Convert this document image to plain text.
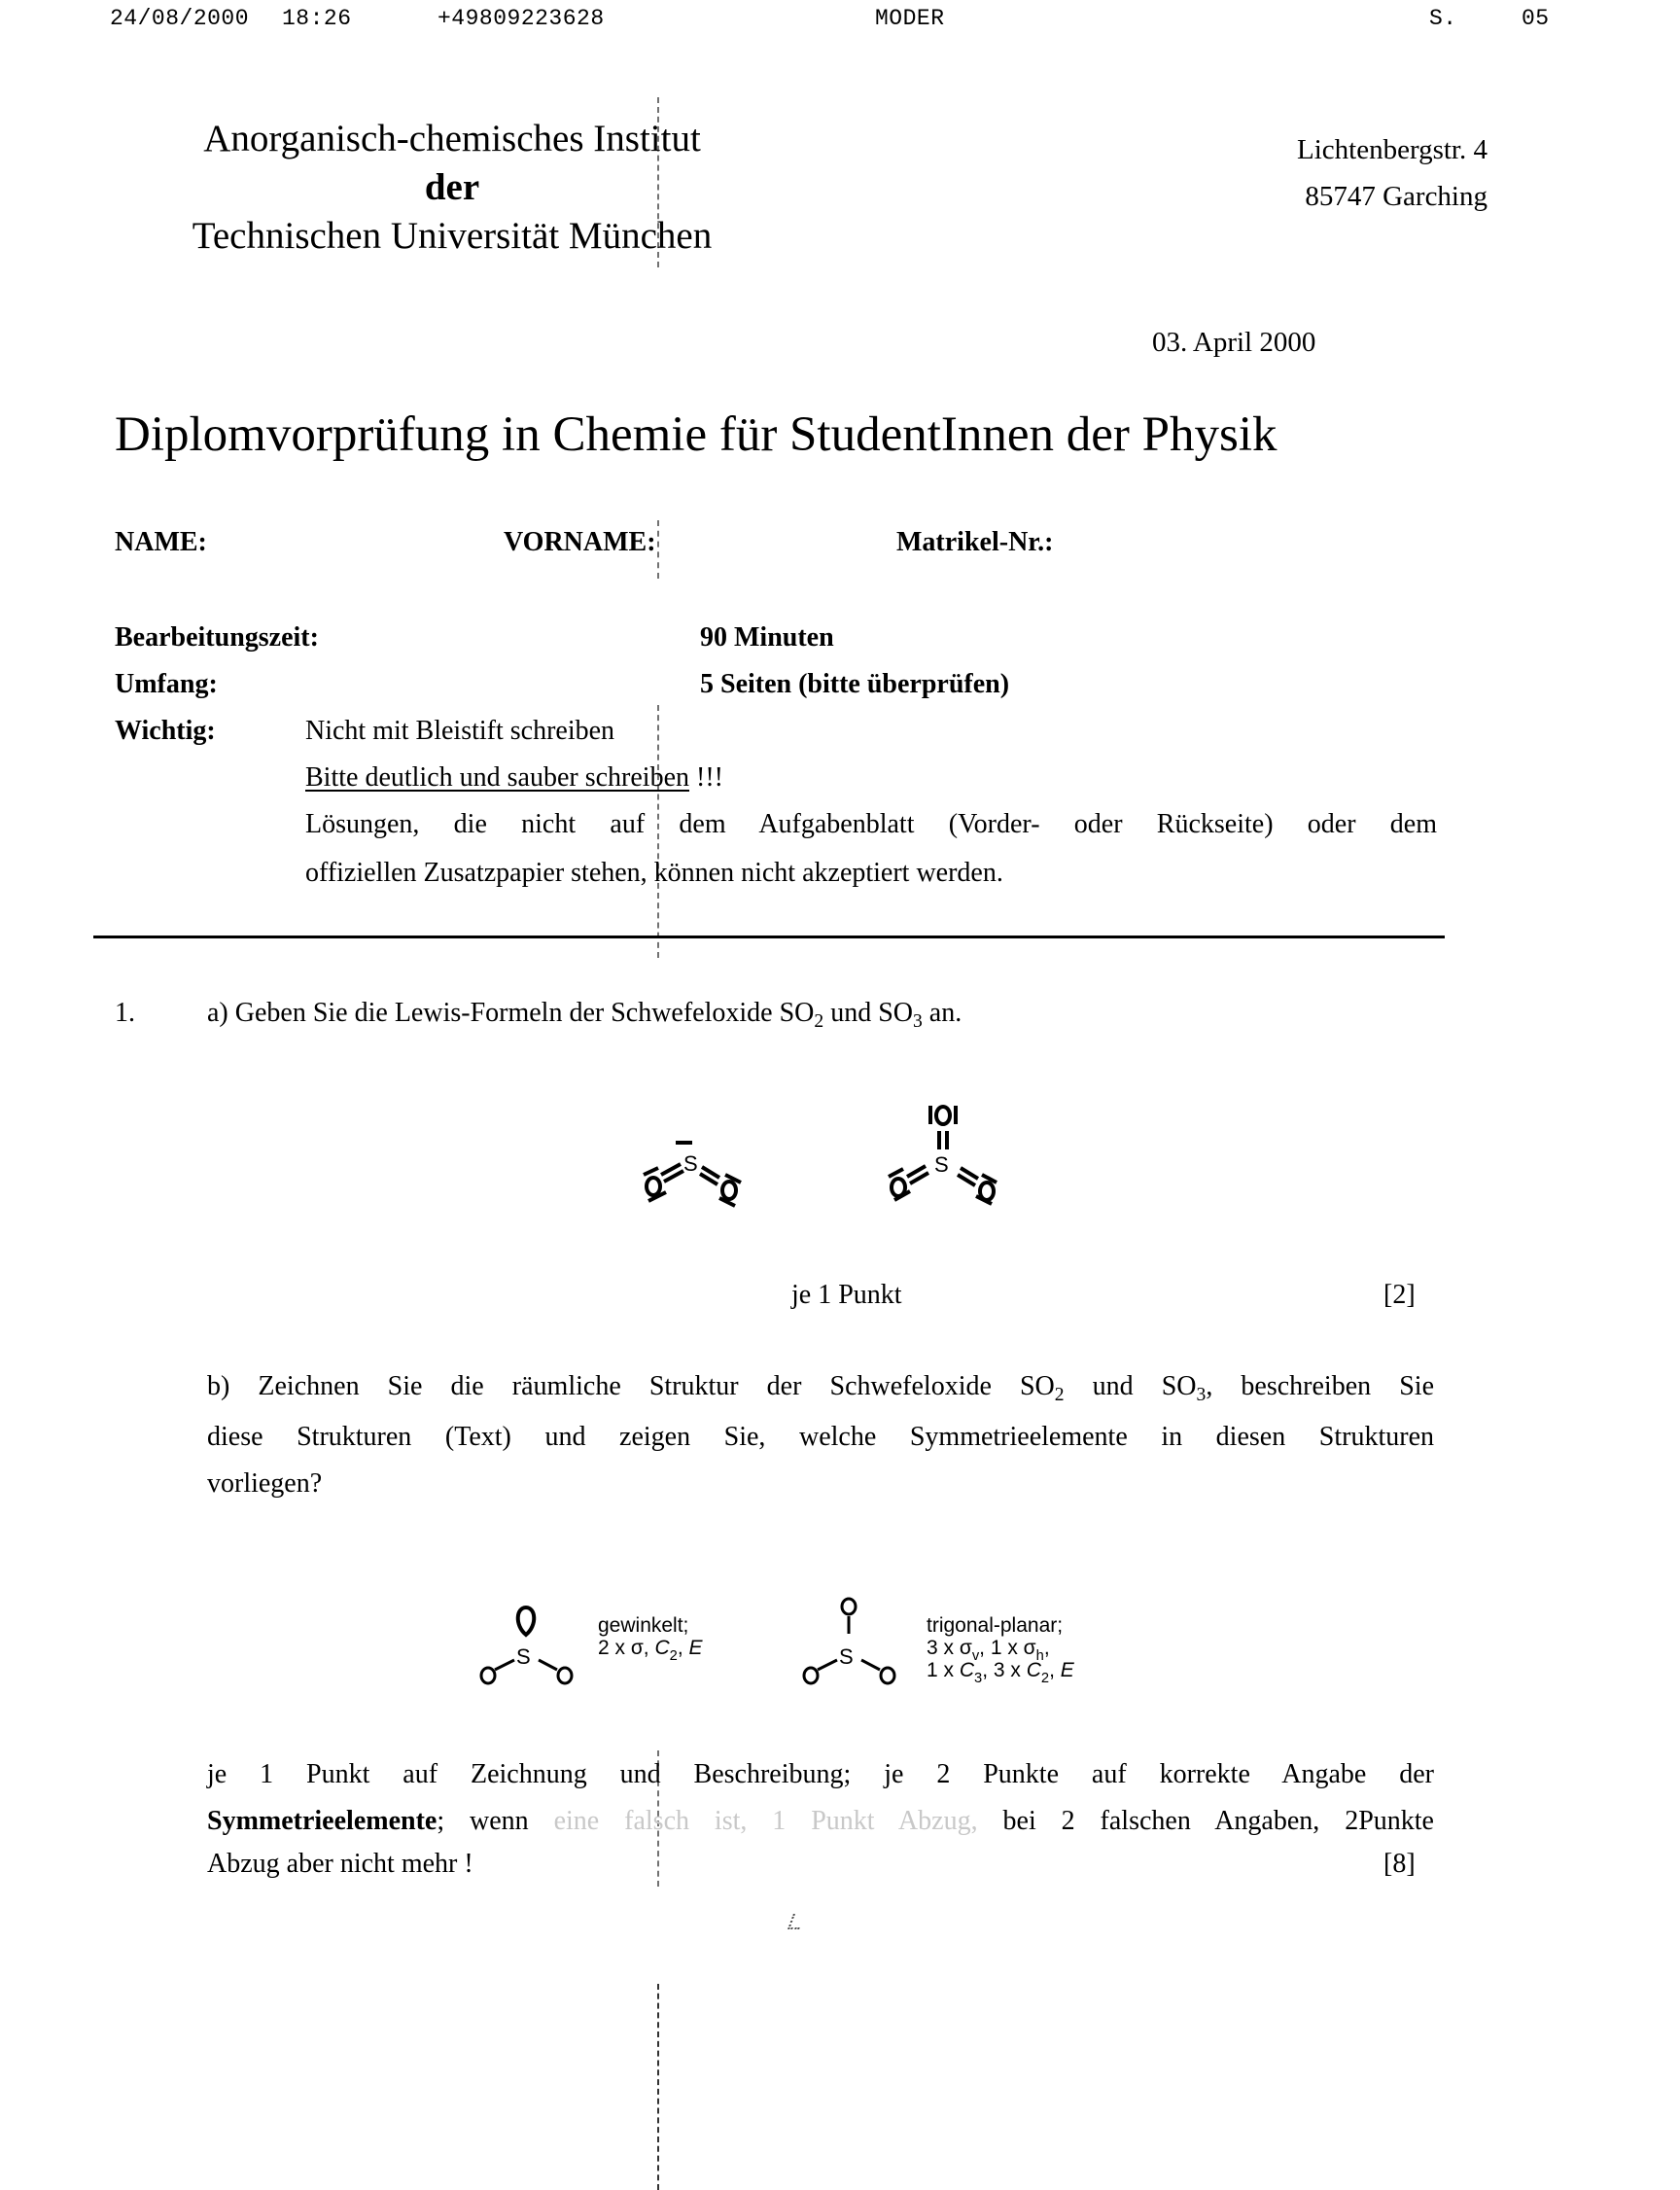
24/08/2000 18:26	+49809223628	MODER	S.	05
Anorganisch-chemisches Institut
der
Technischen Universität München
Lichtenbergstr. 4
85747 Garching
03. April 2000
Diplomvorprüfung in Chemie für StudentInnen der Physik
NAME:	VORNAME:	Matrikel-Nr.:
Bearbeitungszeit:	90 Minuten
Umfang:	5 Seiten (bitte überprüfen)
Wichtig:	Nicht mit Bleistift schreiben
Bitte deutlich und sauber schreiben !!!
Lösungen, die nicht auf dem Aufgabenblatt (Vorder- oder Rückseite) oder dem
offiziellen Zusatzpapier stehen, können nicht akzeptiert werden.
1.	a) Geben Sie die Lewis-Formeln der Schwefeloxide $SO_2$ und $SO_3$ an.
S	S
je 1 Punkt	[2]
b) Zeichnen Sie die räumliche Struktur der Schwefeloxide $SO_2$ und $SO_3$, beschreiben Sie
diese Strukturen (Text) und zeigen Sie, welche Symmetrieelemente in diesen Strukturen
vorliegen?
S
gewinkelt;
2 x σ, $C_2$, E	S
trigonal-planar;
3 x $\sigma_v$, 1 x $\sigma_h$,
1 x $C_3$, 3 x $C_2$, E
je 1 Punkt auf Zeichnung und Beschreibung; je 2 Punkte auf korrekte Angabe der
Symmetrieelemente; wenn eine falsch ist, 1 Punkt Abzug, bei 2 falschen Angaben, 2Punkte
Abzug aber nicht mehr !	[8]
